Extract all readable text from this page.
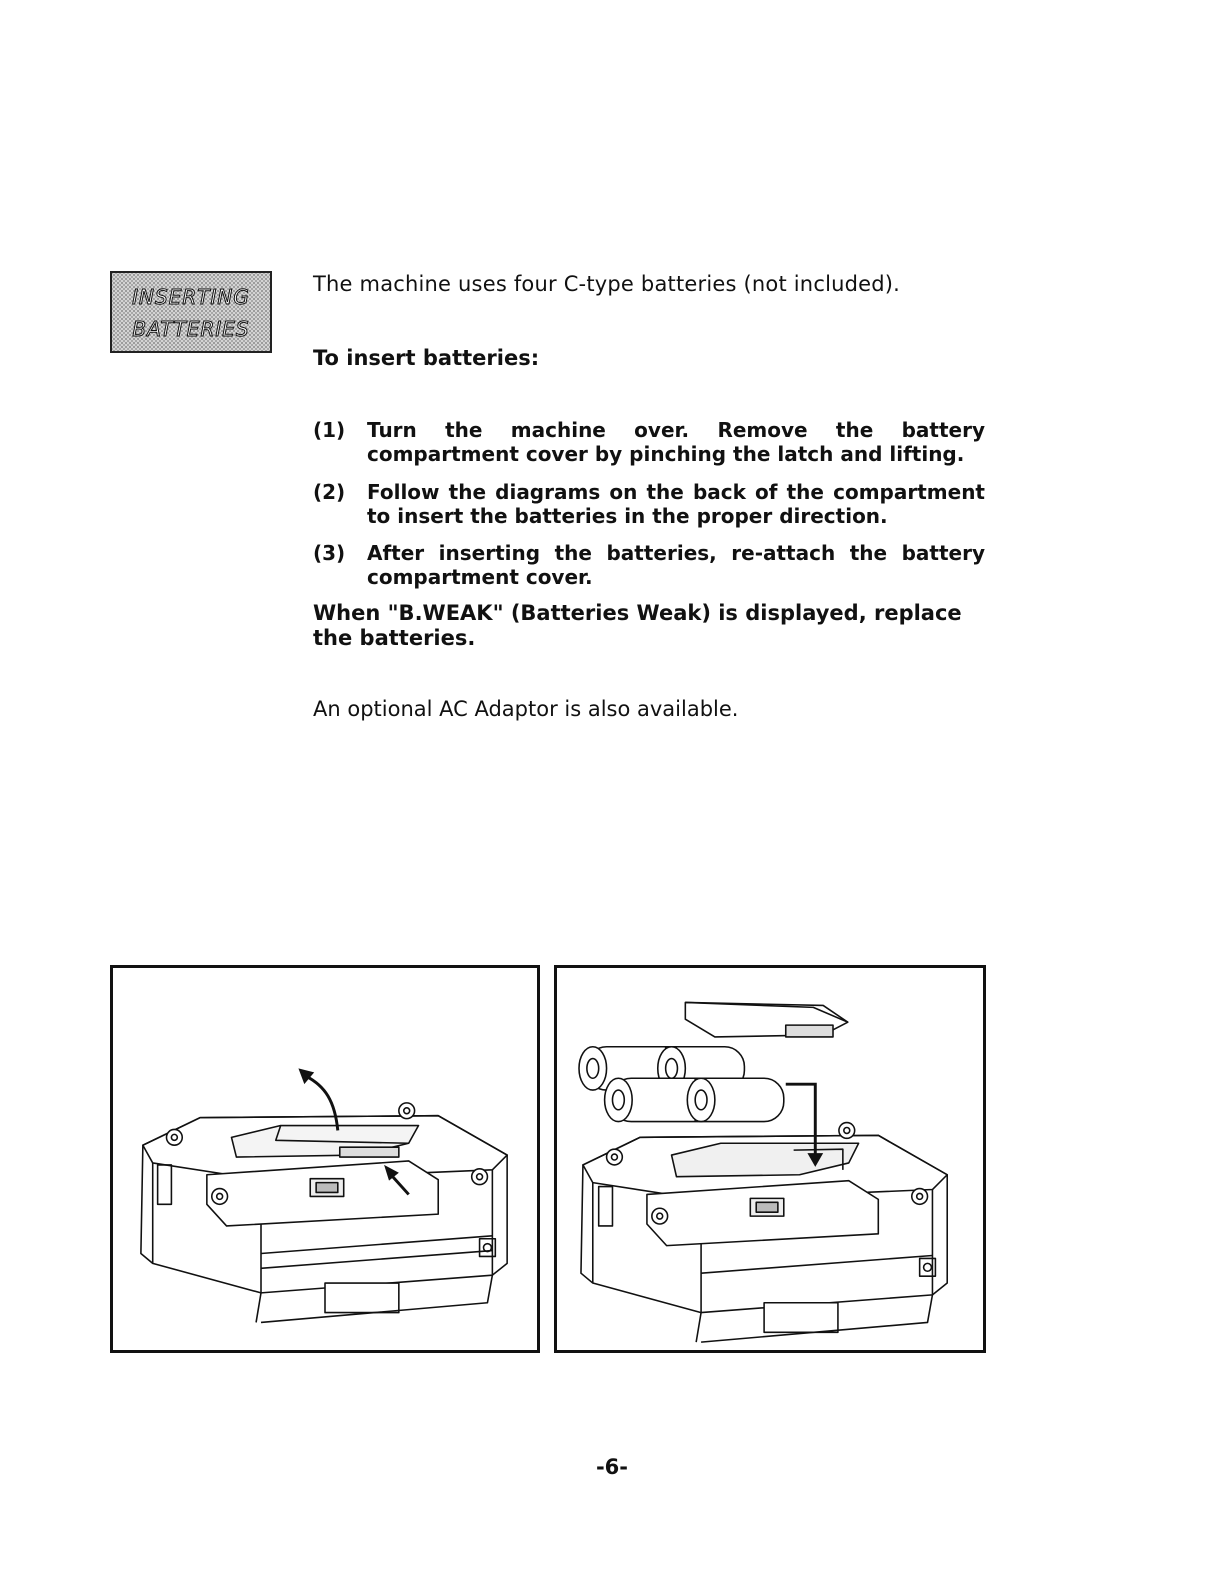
INSERTING
BATTERIES
The machine uses four C-type batteries (not included).
To insert batteries:
(1)	Turn the machine over. Remove the battery compartment cover by pinching the latch and lifting.
(2)	Follow the diagrams on the back of the compartment to insert the batteries in the proper direction.
(3)	After inserting the batteries, re-attach the battery compartment cover.
When "B.WEAK" (Batteries Weak) is displayed, replace the batteries.
An optional AC Adaptor is also available.
-6-
